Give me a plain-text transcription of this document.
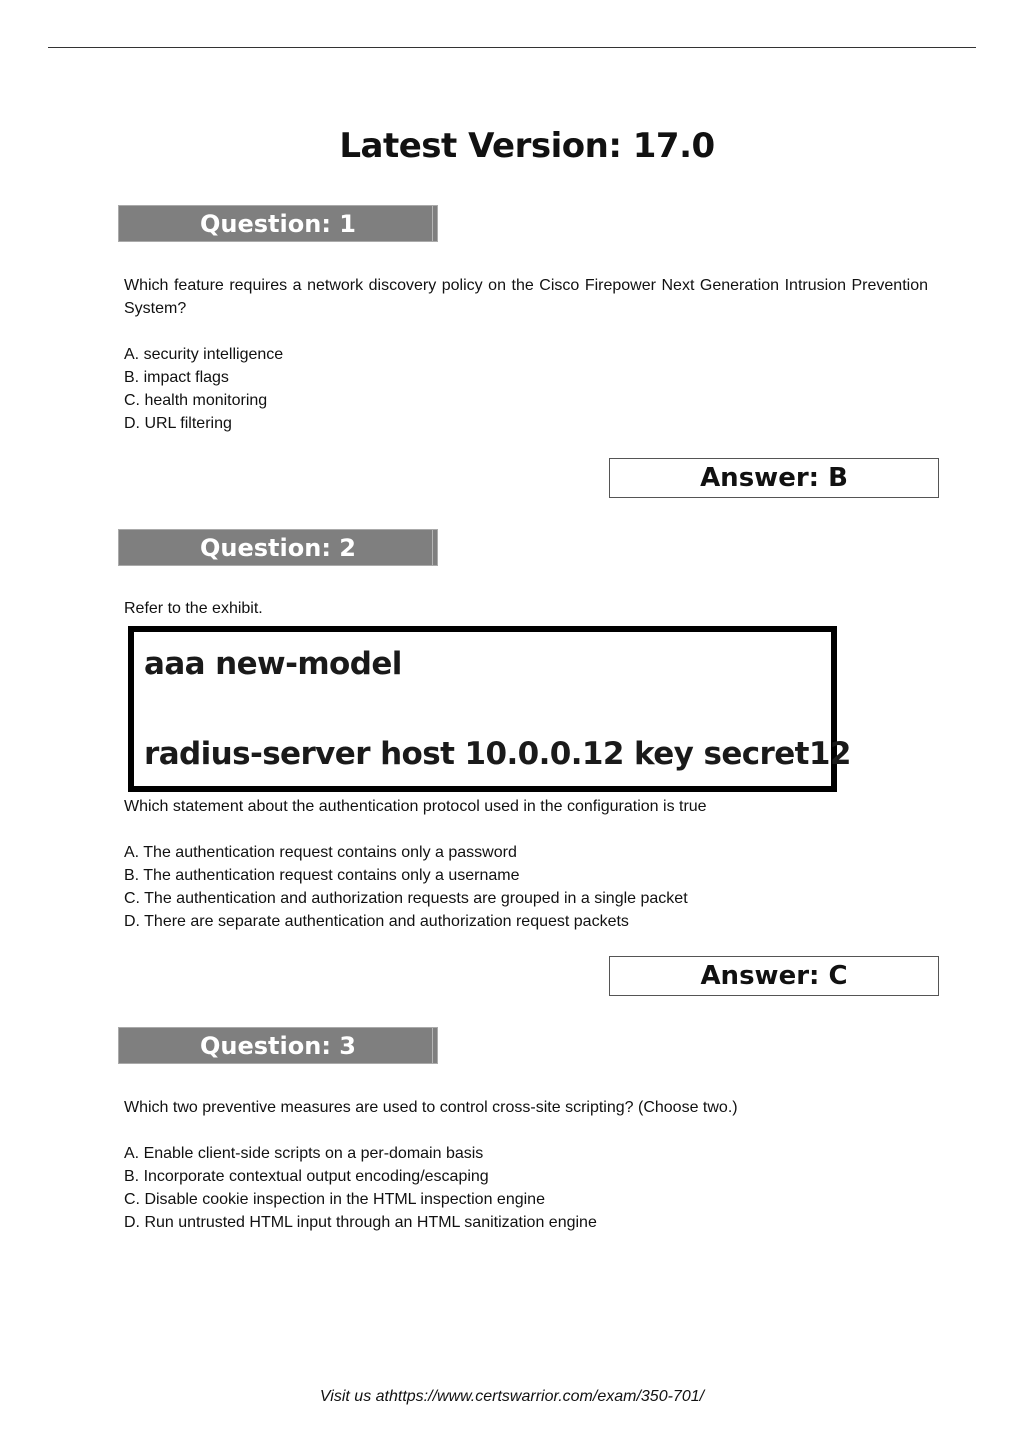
Latest Version: 17.0
Question: 1
Which feature requires a network discovery policy on the Cisco Firepower Next Generation Intrusion Prevention System?
A. security intelligence
B. impact flags
C. health monitoring
D. URL filtering
Answer: B
Question: 2
Refer to the exhibit.
aaa new-model
radius-server host 10.0.0.12 key secret12
Which statement about the authentication protocol used in the configuration is true
A. The authentication request contains only a password
B. The authentication request contains only a username
C. The authentication and authorization requests are grouped in a single packet
D. There are separate authentication and authorization request packets
Answer: C
Question: 3
Which two preventive measures are used to control cross-site scripting? (Choose two.)
A. Enable client-side scripts on a per-domain basis
B. Incorporate contextual output encoding/escaping
C. Disable cookie inspection in the HTML inspection engine
D. Run untrusted HTML input through an HTML sanitization engine
Visit us athttps://www.certswarrior.com/exam/350-701/
